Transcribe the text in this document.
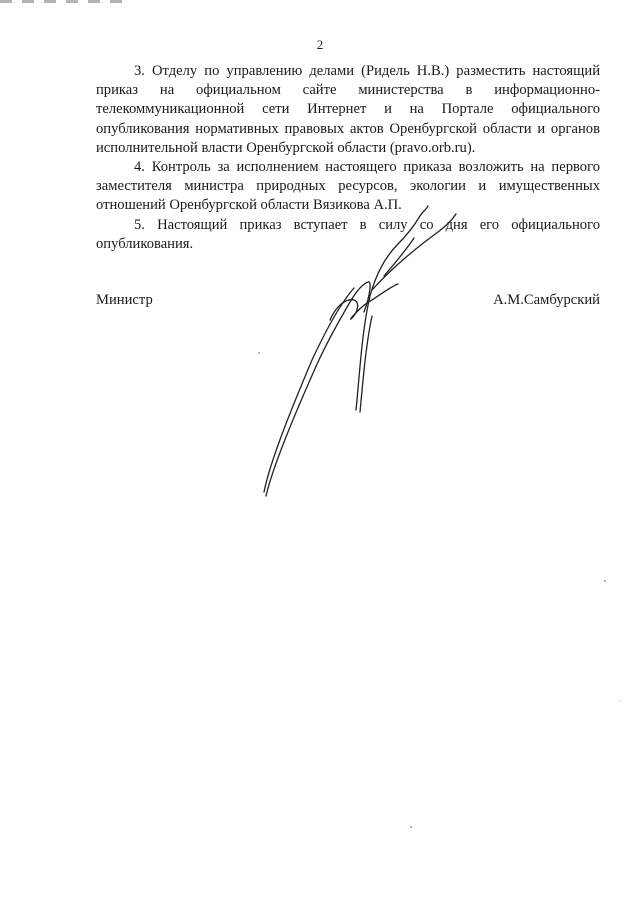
2

3. Отделу по управлению делами (Ридель Н.В.) разместить настоящий приказ на официальном сайте министерства в информационно-телекоммуникационной сети Интернет и на Портале официального опубликования нормативных правовых актов Оренбургской области и органов исполнительной власти Оренбургской области (pravo.orb.ru).

4. Контроль за исполнением настоящего приказа возложить на первого заместителя министра природных ресурсов, экологии и имущественных отношений Оренбургской области Вязикова А.П.

5. Настоящий приказ вступает в силу со дня его официального опубликования.

Министр	А.М.Самбурский
